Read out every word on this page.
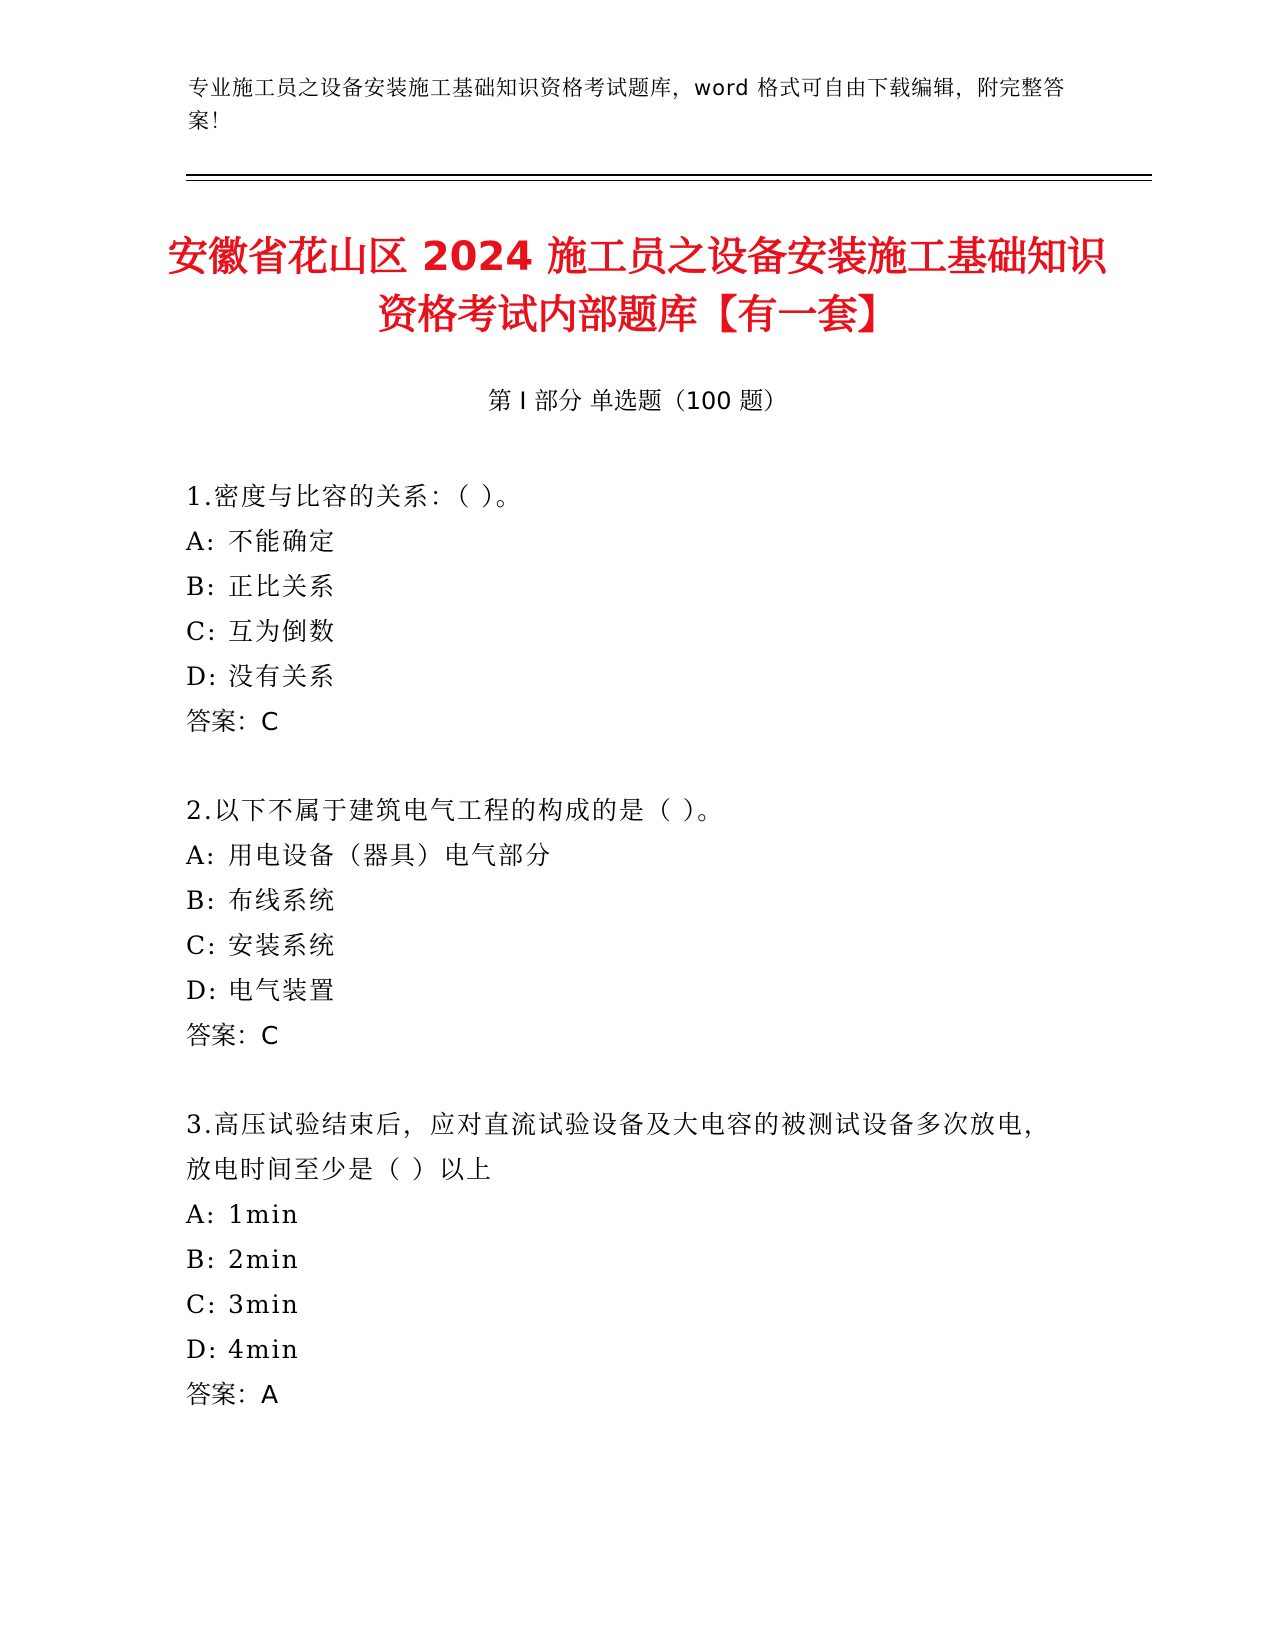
专业施工员之设备安装施工基础知识资格考试题库，word 格式可自由下载编辑，附完整答案！
安徽省花山区 2024 施工员之设备安装施工基础知识资格考试内部题库【有一套】
第 I 部分 单选题（100 题）
1.密度与比容的关系：（ ）。
A: 不能确定
B: 正比关系
C: 互为倒数
D: 没有关系
答案：C
2.以下不属于建筑电气工程的构成的是（ ）。
A: 用电设备（器具）电气部分
B: 布线系统
C: 安装系统
D: 电气装置
答案：C
3.高压试验结束后，应对直流试验设备及大电容的被测试设备多次放电，放电时间至少是（ ）以上
A: 1min
B: 2min
C: 3min
D: 4min
答案：A
